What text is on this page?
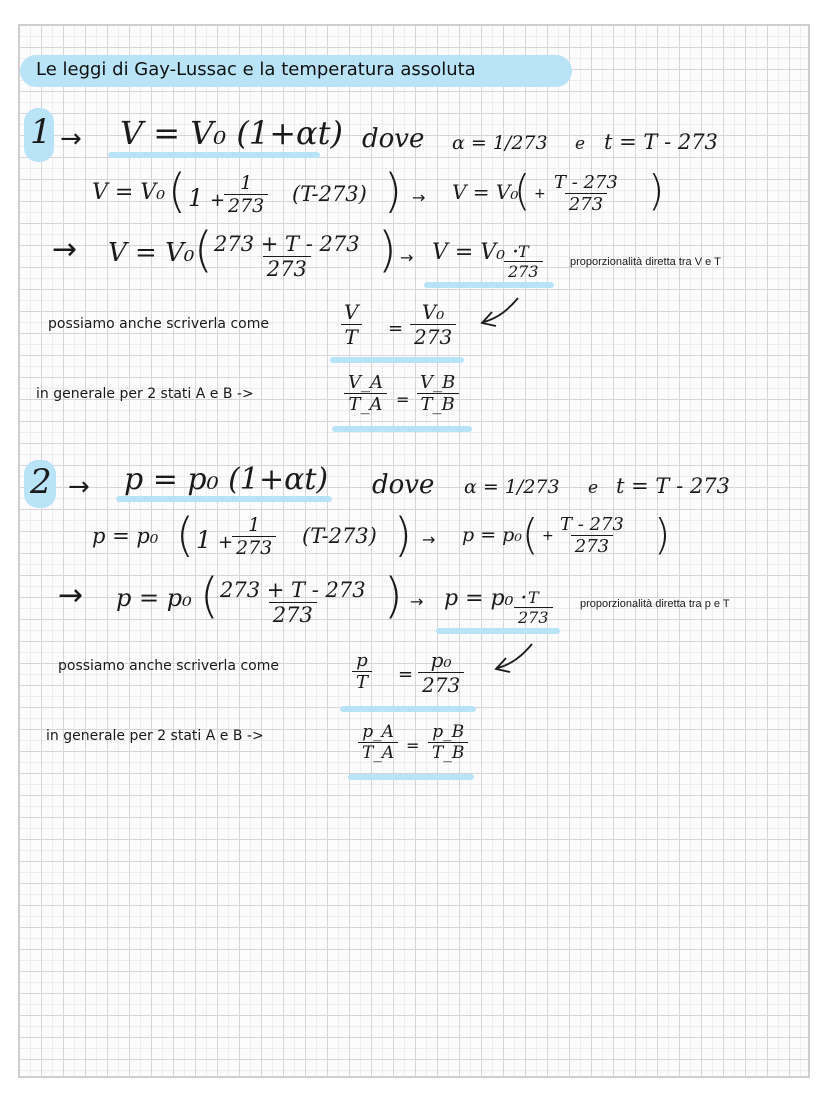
Le leggi di Gay-Lussac e la temperatura assoluta
1 → V = V₀ (1+αt) dove α = 1/273 e t = T - 273
V = V₀ ( 1 +
$\frac{1}{273} (T-273)$ ) → V = V₀
( + $\frac{T - 273}{273}$ )
→ V = V₀ (
$\frac{273 + T - 273}{273}$ ) → V = V₀ ·
$\frac{T}{273}$ proporzionalità diretta tra V e T
possiamo anche scriverla come	$\frac{V}{T} = \frac{\text{V₀}}{273}$
in generale per 2 stati A e B ->	$\frac{V\_A}{T\_A} = \frac{V\_B}{T\_B}$
2 → p = p₀ (1+αt) dove α = 1/273 e t = T - 273
p = p₀ ( 1 +
$\frac{1}{273} (T-273)$ ) → p = p₀ ( + $\frac{T - 273}{273}$ )
→ p = p₀ (
$\frac{273 + T - 273}{273}$ ) → p = p₀ ·
$\frac{T}{273}$ proporzionalità diretta tra p e T
possiamo anche scriverla come	$\frac{p}{T} = \frac{\text{p₀}}{273}$
in generale per 2 stati A e B ->	$\frac{p\_A}{T\_A} = \frac{p\_B}{T\_B}$
